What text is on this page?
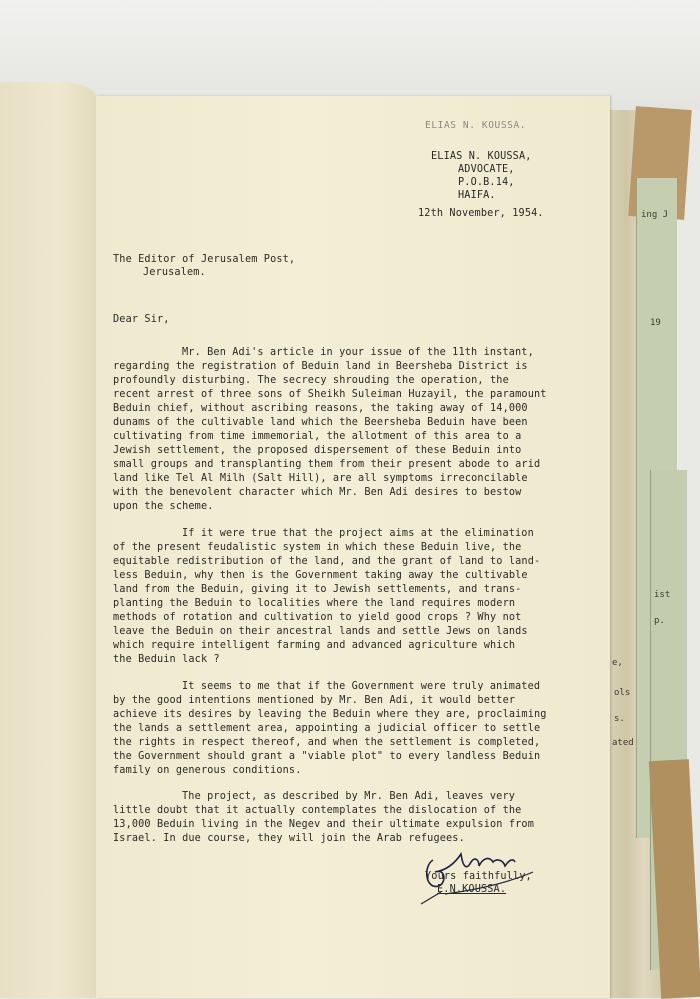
ing J
19
ist
p.
e,
ols
s.
ated
ELIAS N. KOUSSA.
ELIAS N. KOUSSA,
ADVOCATE,
P.O.B.14,
HAIFA.
12th November, 1954.
The Editor of Jerusalem Post,
Jerusalem.
Dear Sir,
Mr. Ben Adi's article in your issue of the 11th instant,
regarding the registration of Beduin land in Beersheba District is
profoundly disturbing. The secrecy shrouding the operation, the
recent arrest of three sons of Sheikh Suleiman Huzayil, the paramount
Beduin chief, without ascribing reasons, the taking away of 14,000
dunams of the cultivable land which the Beersheba Beduin have been
cultivating from time immemorial, the allotment of this area to a
Jewish settlement, the proposed dispersement of these Beduin into
small groups and transplanting them from their present abode to arid
land like Tel Al Milh (Salt Hill), are all symptoms irreconcilable
with the benevolent character which Mr. Ben Adi desires to bestow
upon the scheme.
If it were true that the project aims at the elimination
of the present feudalistic system in which these Beduin live, the
equitable redistribution of the land, and the grant of land to land-
less Beduin, why then is the Government taking away the cultivable
land from the Beduin, giving it to Jewish settlements, and trans-
planting the Beduin to localities where the land requires modern
methods of rotation and cultivation to yield good crops ? Why not
leave the Beduin on their ancestral lands and settle Jews on lands
which require intelligent farming and advanced agriculture which
the Beduin lack ?
It seems to me that if the Government were truly animated
by the good intentions mentioned by Mr. Ben Adi, it would better
achieve its desires by leaving the Beduin where they are, proclaiming
the lands a settlement area, appointing a judicial officer to settle
the rights in respect thereof, and when the settlement is completed,
the Government should grant a "viable plot" to every landless Beduin
family on generous conditions.
The project, as described by Mr. Ben Adi, leaves very
little doubt that it actually contemplates the dislocation of the
13,000 Beduin living in the Negev and their ultimate expulsion from
Israel. In due course, they will join the Arab refugees.
Yours faithfully,
E.N.KOUSSA.
